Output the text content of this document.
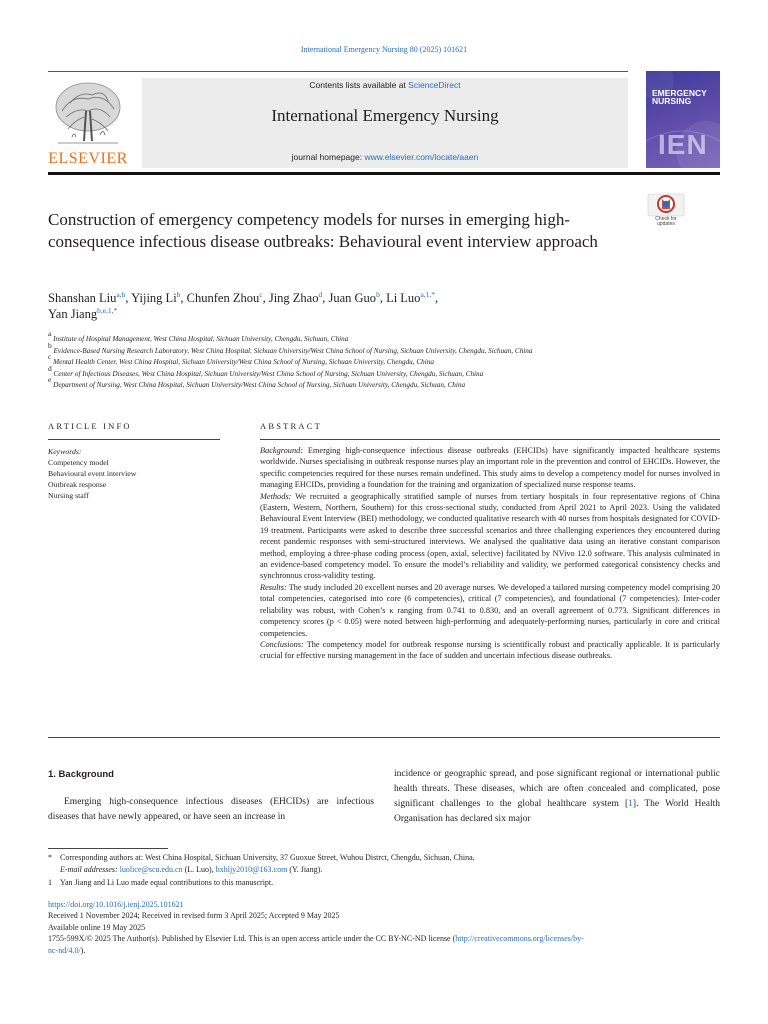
International Emergency Nursing 80 (2025) 101621
ELSEVIER
Contents lists available at ScienceDirect
International Emergency Nursing
journal homepage: www.elsevier.com/locate/aaen
EMERGENCY
NURSING
IEN
Check for
updates
Construction of emergency competency models for nurses in emerging high-consequence infectious disease outbreaks: Behavioural event interview approach
Shanshan Liu$^{a,b}$, Yijing Li$^b$, Chunfen Zhou$^c$, Jing Zhao$^d$, Juan Guo$^b$, Li Luo$^{a,1,*}$,
Yan Jiang$^{b,e,1,*}$
$^a$ Institute of Hospital Management, West China Hospital, Sichuan University, Chengdu, Sichuan, China
$^b$ Evidence-Based Nursing Research Laboratory, West China Hospital, Sichuan University/West China School of Nursing, Sichuan University, Chengdu, Sichuan, China
$^c$ Mental Health Center, West China Hospital, Sichuan University/West China School of Nursing, Sichuan University, Chengdu, China
$^d$ Center of Infectious Diseases, West China Hospital, Sichuan University/West China School of Nursing, Sichuan University, Chengdu, Sichuan, China
$^e$ Department of Nursing, West China Hospital, Sichuan University/West China School of Nursing, Sichuan University, Chengdu, Sichuan, China
ARTICLE INFO	ABSTRACT
Keywords:
Competency model
Behavioural event interview
Outbreak response
Nursing staff

Background: Emerging high-consequence infectious disease outbreaks (EHCIDs) have significantly impacted healthcare systems worldwide. Nurses specialising in outbreak response nurses play an important role in the prevention and control of EHCIDs. However, the specific competencies required for these nurses remain undefined. This study aims to develop a competency model for nurses involved in managing EHCIDs, providing a foundation for the training and organization of specialized nurse response teams.

Methods: We recruited a geographically stratified sample of nurses from tertiary hospitals in four representative regions of China (Eastern, Western, Northern, Southern) for this cross-sectional study, conducted from April 2021 to April 2023. Using the validated Behavioural Event Interview (BEI) methodology, we conducted qualitative research with 40 nurses from hospitals designated for COVID-19 treatment. Participants were asked to describe three successful scenarios and three challenging experiences they encountered during recent pandemic responses with semi-structured interviews. We analysed the qualitative data using an iterative constant comparison method, employing a three-phase coding process (open, axial, selective) facilitated by NVivo 12.0 software. This analysis culminated in an evidence-based competency model. To ensure the model’s reliability and validity, we performed categorical consistency checks and synchronous cross-validity testing.

Results: The study included 20 excellent nurses and 20 average nurses. We developed a tailored nursing competency model comprising 20 total competencies, categorised into core (6 competencies), critical (7 competencies), and foundational (7 competencies). Inter-coder reliability was robust, with Cohen’s κ ranging from 0.741 to 0.830, and an overall agreement of 0.773. Significant differences in competency scores (p < 0.05) were noted between high-performing and adequately-performing nurses, particularly in core and critical competencies.

Conclusions: The competency model for outbreak response nursing is scientifically robust and practically applicable. It is particularly crucial for effective nursing management in the face of sudden and uncertain infectious disease outbreaks.

1. Background

Emerging high-consequence infectious diseases (EHCIDs) are infectious diseases that have newly appeared, or have seen an increase in

incidence or geographic spread, and pose significant regional or international public health threats. These diseases, which are often concealed and complicated, pose significant challenges to the global healthcare system [1]. The World Health Organisation has declared six major

* Corresponding authors at: West China Hospital, Sichuan University, 37 Guoxue Street, Wuhou Distrct, Chengdu, Sichuan, China.
E-mail addresses: luolice@scu.edu.cn (L. Luo), hxhljy2010@163.com (Y. Jiang).
1 Yan Jiang and Li Luo made equal contributions to this manuscript.
https://doi.org/10.1016/j.ienj.2025.101621
Received 1 November 2024; Received in revised form 3 April 2025; Accepted 9 May 2025
Available online 19 May 2025
1755-599X/© 2025 The Author(s). Published by Elsevier Ltd. This is an open access article under the CC BY-NC-ND license (http://creativecommons.org/licenses/by-
nc-nd/4.0/).
